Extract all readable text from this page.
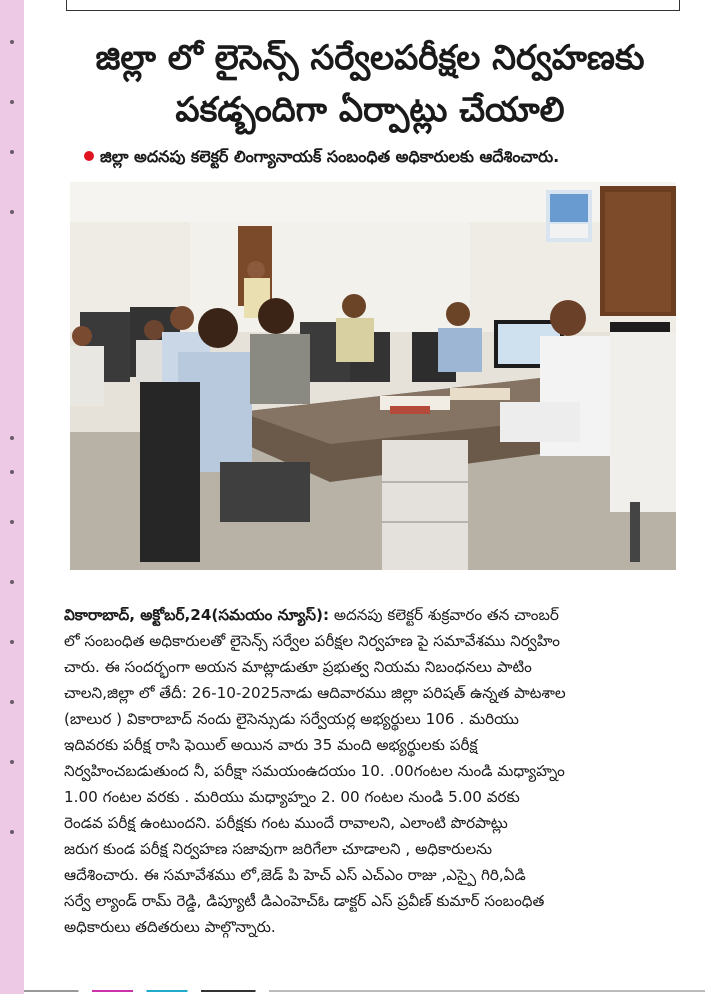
జిల్లా లో లైసెన్స్ సర్వేలపరీక్షల నిర్వహణకు
పకడ్బందిగా ఏర్పాట్లు చేయాలి
జిల్లా అదనపు కలెక్టర్ లింగ్యానాయక్ సంబంధిత అధికారులకు ఆదేశించారు.
వికారాబాద్, అక్టోబర్,24(సమయం న్యూస్): అదనపు కలెక్టర్ శుక్రవారం తన చాంబర్
లో సంబంధిత అధికారులతో లైసెన్స్ సర్వేల పరీక్షల నిర్వహణ పై సమావేశము నిర్వహిం
చారు. ఈ సందర్భంగా అయన మాట్లాడుతూ ప్రభుత్వ నియమ నిబంధనలు పాటిం
చాలని,జిల్లా లో తేదీ: 26-10-2025నాడు ఆదివారము జిల్లా పరిషత్ ఉన్నత పాటశాల
(బాలుర ) వికారాబాద్ నందు లైసెన్సుడు సర్వేయర్ల అభ్యర్థులు 106 . మరియు
ఇదివరకు పరీక్ష రాసి ఫెయిల్ అయిన వారు 35 మంది అభ్యర్థులకు పరీక్ష
నిర్వహించబడుతుంద నీ, పరీక్షా సమయంఉదయం 10. .00గంటల నుండి మధ్యాహ్నం
1.00 గంటల వరకు . మరియు మధ్యాహ్నం 2. 00 గంటల నుండి 5.00 వరకు
రెండవ పరీక్ష ఉంటుందని. పరీక్షకు గంట ముందే రావాలని, ఎలాంటి పొరపాట్లు
జరుగ కుండ పరీక్ష నిర్వహణ సజావుగా జరిగేలా చూడాలని , అధికారులను
ఆదేశించారు. ఈ సమావేశము లో,జెడ్ పి హెచ్ ఎస్ ఎచ్ఎం రాజు ,ఎస్పై గిరి,ఏడి
సర్వే ల్యాండ్ రామ్ రెడ్డి, డిప్యూటీ డిఎంహెచ్ఓ డాక్టర్ ఎస్ ప్రవీణ్ కుమార్ సంబంధిత
అధికారులు తదితరులు పాల్గొన్నారు.
